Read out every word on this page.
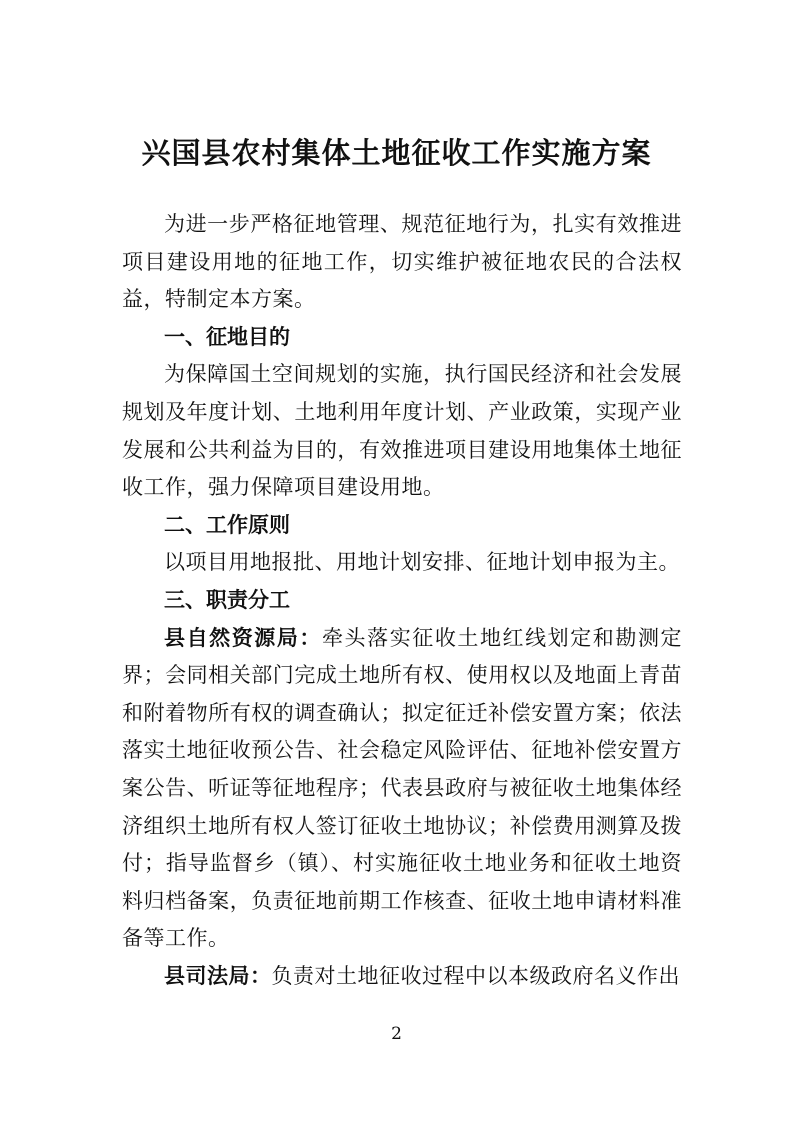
兴国县农村集体土地征收工作实施方案

为进一步严格征地管理、规范征地行为，扎实有效推进项目建设用地的征地工作，切实维护被征地农民的合法权益，特制定本方案。

一、征地目的

为保障国土空间规划的实施，执行国民经济和社会发展规划及年度计划、土地利用年度计划、产业政策，实现产业发展和公共利益为目的，有效推进项目建设用地集体土地征收工作，强力保障项目建设用地。

二、工作原则

以项目用地报批、用地计划安排、征地计划申报为主。

三、职责分工

县自然资源局：牵头落实征收土地红线划定和勘测定界；会同相关部门完成土地所有权、使用权以及地面上青苗和附着物所有权的调查确认；拟定征迁补偿安置方案；依法落实土地征收预公告、社会稳定风险评估、征地补偿安置方案公告、听证等征地程序；代表县政府与被征收土地集体经济组织土地所有权人签订征收土地协议；补偿费用测算及拨付；指导监督乡（镇）、村实施征收土地业务和征收土地资料归档备案，负责征地前期工作核查、征收土地申请材料准备等工作。

县司法局：负责对土地征收过程中以本级政府名义作出

2
